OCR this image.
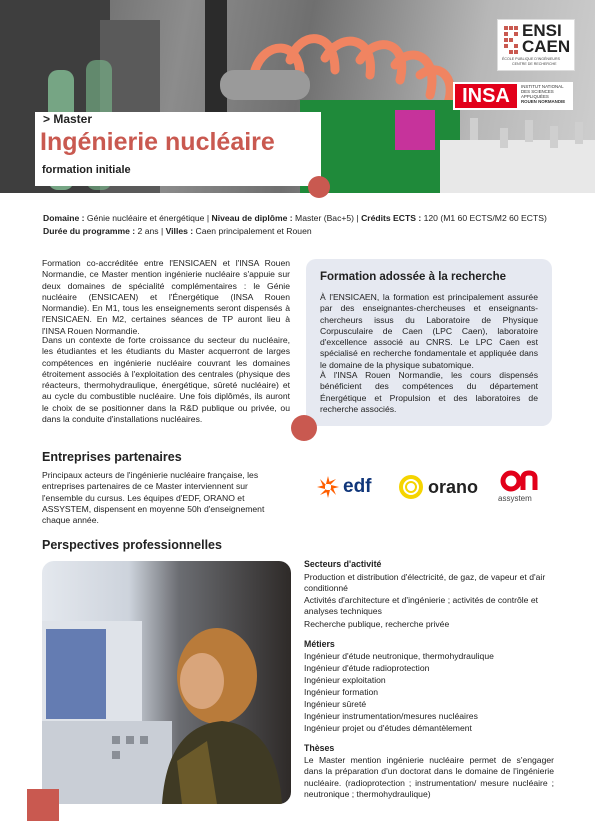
ENSI
CAEN
ÉCOLE PUBLIQUE D'INGÉNIEURS
CENTRE DE RECHERCHE
INSA	INSTITUT NATIONAL
DES SCIENCES
APPLIQUÉES
ROUEN NORMANDIE
> Master
Ingénierie nucléaire
formation initiale
Domaine : Génie nucléaire et énergétique | Niveau de diplôme : Master (Bac+5) | Crédits ECTS : 120 (M1 60 ECTS/M2 60 ECTS)
Durée du programme : 2 ans | Villes : Caen principalement et Rouen
Formation co-accréditée entre l'ENSICAEN et l'INSA Rouen Normandie, ce Master mention ingénierie nucléaire s'appuie sur deux domaines de spécialité complémentaires : le Génie nucléaire (ENSICAEN) et l'Énergétique (INSA Rouen Normandie). En M1, tous les enseignements seront dispensés à l'ENSICAEN. En M2, certaines séances de TP auront lieu à l'INSA Rouen Normandie.
Dans un contexte de forte croissance du secteur du nucléaire, les étudiantes et les étudiants du Master acquerront de larges compétences en ingénierie nucléaire couvrant les domaines étroitement associés à l'exploitation des centrales (physique des réacteurs, thermohydraulique, énergétique, sûreté nucléaire) et au cycle du combustible nucléaire. Une fois diplômés, ils auront le choix de se positionner dans la R&D publique ou privée, ou dans la conduite d'installations nucléaires.
Formation adossée à la recherche
À l'ENSICAEN, la formation est principalement assurée par des enseignantes-chercheuses et enseignants-chercheurs issus du Laboratoire de Physique Corpusculaire de Caen (LPC Caen), laboratoire d'excellence associé au CNRS. Le LPC Caen est spécialisé en recherche fondamentale et appliquée dans le domaine de la physique subatomique.
À l'INSA Rouen Normandie, les cours dispensés bénéficient des compétences du département Énergétique et Propulsion et des laboratoires de recherche associés.
Entreprises partenaires
Principaux acteurs de l'ingénierie nucléaire française, les entreprises partenaires de ce Master interviennent sur l'ensemble du cursus. Les équipes d'EDF, ORANO et ASSYSTEM, dispensent en moyenne 50h d'enseignement chaque année.
edf	orano
assystem
Perspectives professionnelles
Secteurs d'activité
Production et distribution d'électricité, de gaz, de vapeur et d'air conditionné
Activités d'architecture et d'ingénierie ; activités de contrôle et analyses techniques
Recherche publique, recherche privée
Métiers
Ingénieur d'étude neutronique, thermohydraulique
Ingénieur d'étude radioprotection
Ingénieur exploitation
Ingénieur formation
Ingénieur sûreté
Ingénieur instrumentation/mesures nucléaires
Ingénieur projet ou d'études démantèlement
Thèses
Le Master mention ingénierie nucléaire permet de s'engager dans la préparation d'un doctorat dans le domaine de l'ingénierie nucléaire. (radioprotection ; instrumentation/ mesure nucléaire ; neutronique ; thermohydraulique)
